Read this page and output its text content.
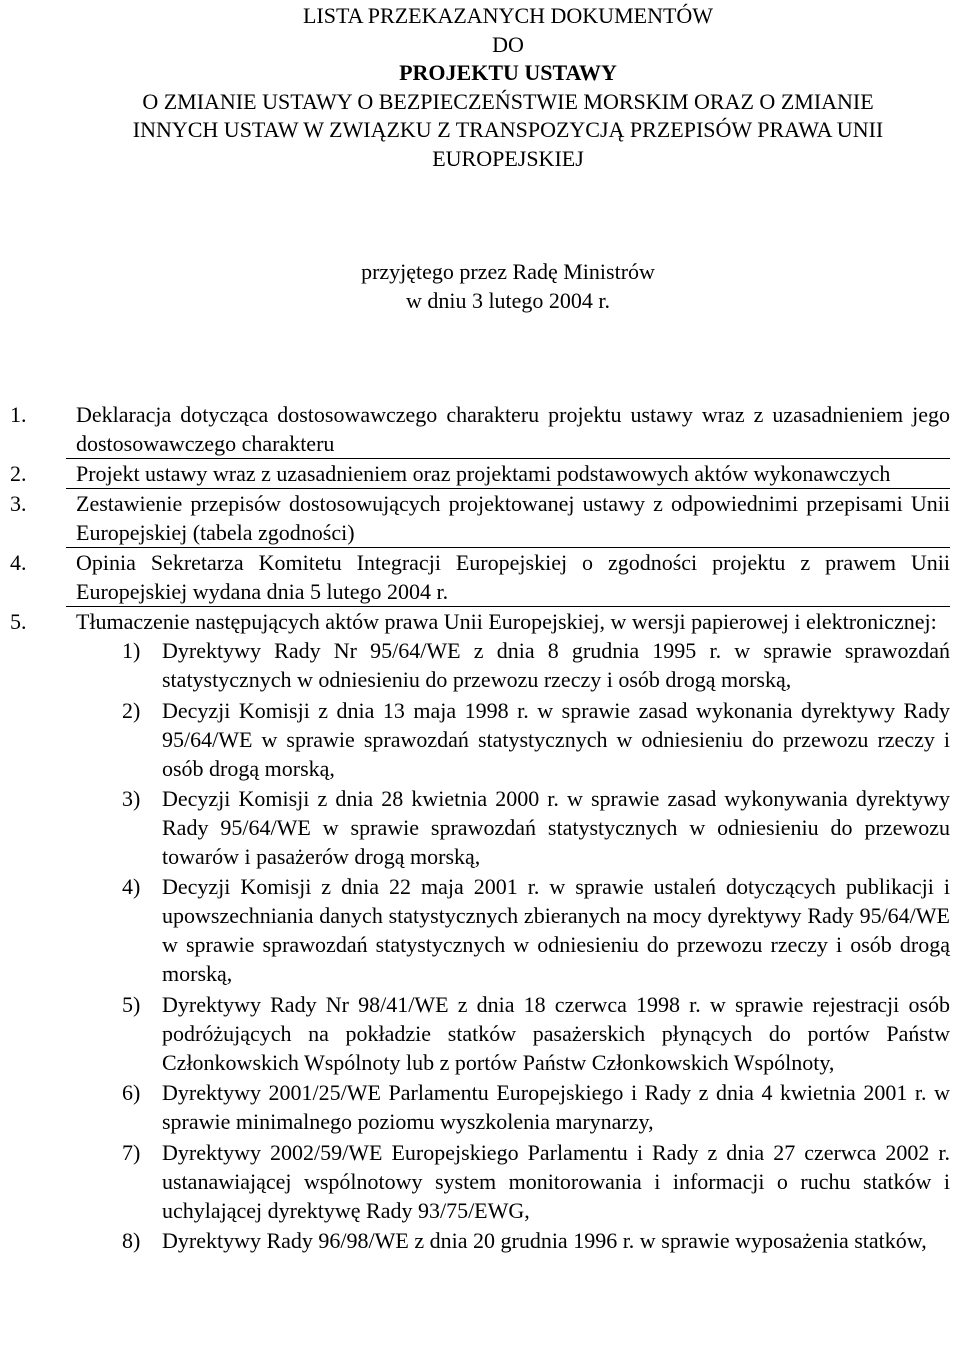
LISTA PRZEKAZANYCH DOKUMENTÓW
DO
PROJEKTU USTAWY
O ZMIANIE USTAWY O BEZPIECZEŃSTWIE MORSKIM ORAZ O ZMIANIE
INNYCH USTAW W ZWIĄZKU Z TRANSPOZYCJĄ PRZEPISÓW PRAWA UNII
EUROPEJSKIEJ
przyjętego przez Radę Ministrów
w dniu 3 lutego 2004 r.
1.	Deklaracja dotycząca dostosowawczego charakteru projektu ustawy wraz z uzasadnieniem jego dostosowawczego charakteru
2.	Projekt ustawy wraz z uzasadnieniem oraz projektami podstawowych aktów wykonawczych
3.	Zestawienie przepisów dostosowujących projektowanej ustawy z odpowiednimi przepisami Unii Europejskiej (tabela zgodności)
4.	Opinia Sekretarza Komitetu Integracji Europejskiej o zgodności projektu z prawem Unii Europejskiej wydana dnia 5 lutego 2004 r.
5.	Tłumaczenie następujących aktów prawa Unii Europejskiej, w wersji papierowej i elektronicznej:
1) Dyrektywy Rady Nr 95/64/WE z dnia 8 grudnia 1995 r. w sprawie sprawozdań statystycznych w odniesieniu do przewozu rzeczy i osób drogą morską,
2) Decyzji Komisji z dnia 13 maja 1998 r. w sprawie zasad wykonania dyrektywy Rady 95/64/WE w sprawie sprawozdań statystycznych w odniesieniu do przewozu rzeczy i osób drogą morską,
3) Decyzji Komisji z dnia 28 kwietnia 2000 r. w sprawie zasad wykonywania dyrektywy Rady 95/64/WE w sprawie sprawozdań statystycznych w odniesieniu do przewozu towarów i pasażerów drogą morską,
4) Decyzji Komisji z dnia 22 maja 2001 r. w sprawie ustaleń dotyczących publikacji i upowszechniania danych statystycznych zbieranych na mocy dyrektywy Rady 95/64/WE w sprawie sprawozdań statystycznych w odniesieniu do przewozu rzeczy i osób drogą morską,
5) Dyrektywy Rady Nr 98/41/WE z dnia 18 czerwca 1998 r. w sprawie rejestracji osób podróżujących na pokładzie statków pasażerskich płynących do portów Państw Członkowskich Wspólnoty lub z portów Państw Członkowskich Wspólnoty,
6) Dyrektywy 2001/25/WE Parlamentu Europejskiego i Rady z dnia 4 kwietnia 2001 r. w sprawie minimalnego poziomu wyszkolenia marynarzy,
7) Dyrektywy 2002/59/WE Europejskiego Parlamentu i Rady z dnia 27 czerwca 2002 r. ustanawiającej wspólnotowy system monitorowania i informacji o ruchu statków i uchylającej dyrektywę Rady 93/75/EWG,
8) Dyrektywy Rady 96/98/WE z dnia 20 grudnia 1996 r. w sprawie wyposażenia statków,
